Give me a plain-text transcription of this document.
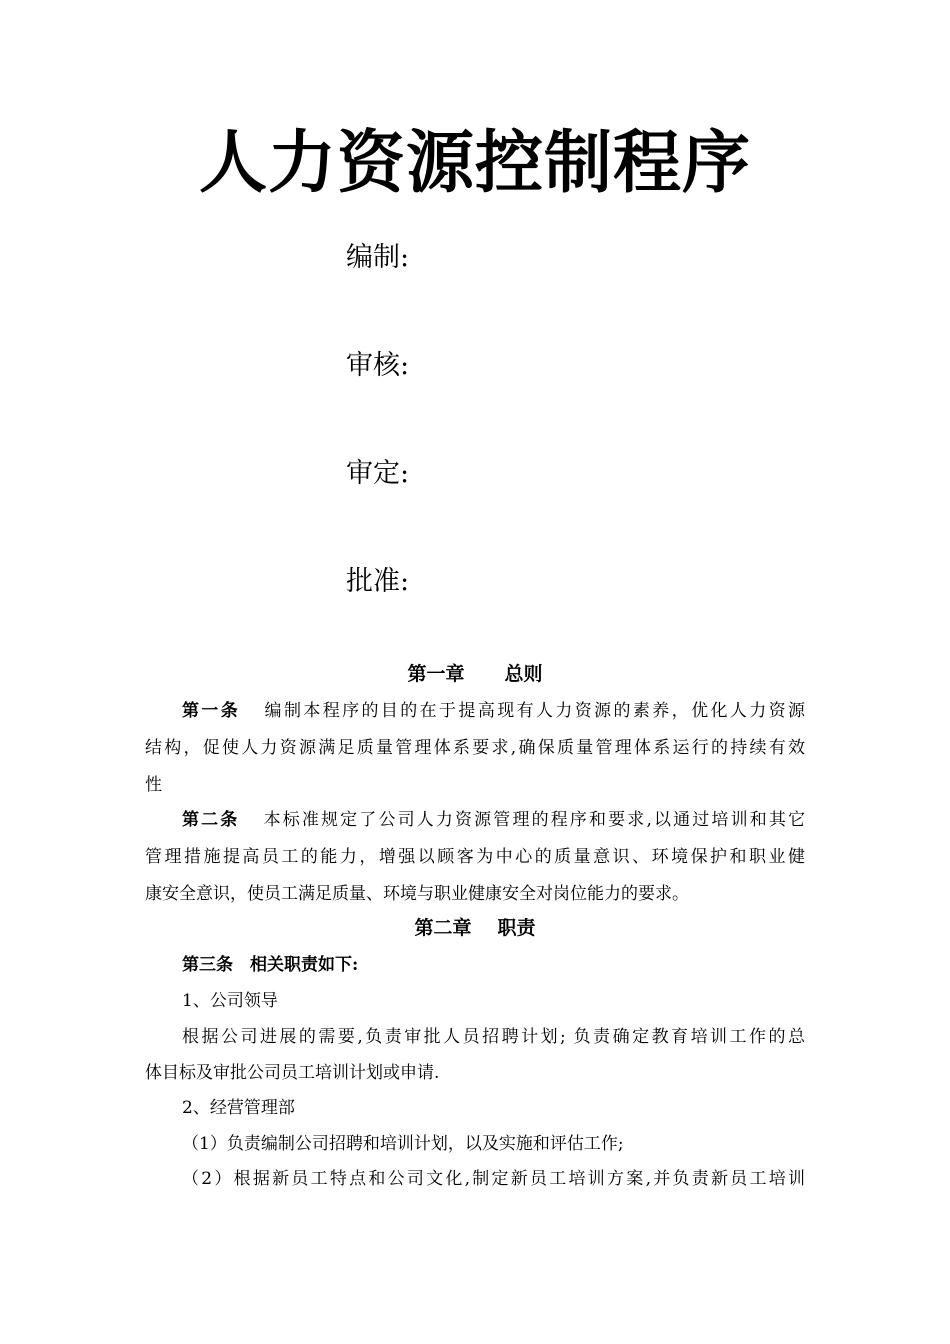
人力资源控制程序
编制:
审核:
审定:
批准:
第一章 总则
第一条 编制本程序的目的在于提高现有人力资源的素养，优化人力资源
结构，促使人力资源满足质量管理体系要求,确保质量管理体系运行的持续有效
性
第二条 本标准规定了公司人力资源管理的程序和要求,以通过培训和其它
管理措施提高员工的能力，增强以顾客为中心的质量意识、环境保护和职业健
康安全意识，使员工满足质量、环境与职业健康安全对岗位能力的要求。
第二章 职责
第三条　相关职责如下:
1、公司领导
根据公司进展的需要,负责审批人员招聘计划; 负责确定教育培训工作的总
体目标及审批公司员工培训计划或申请.
2、经营管理部
（1）负责编制公司招聘和培训计划，以及实施和评估工作;
（2）根据新员工特点和公司文化,制定新员工培训方案,并负责新员工培训
